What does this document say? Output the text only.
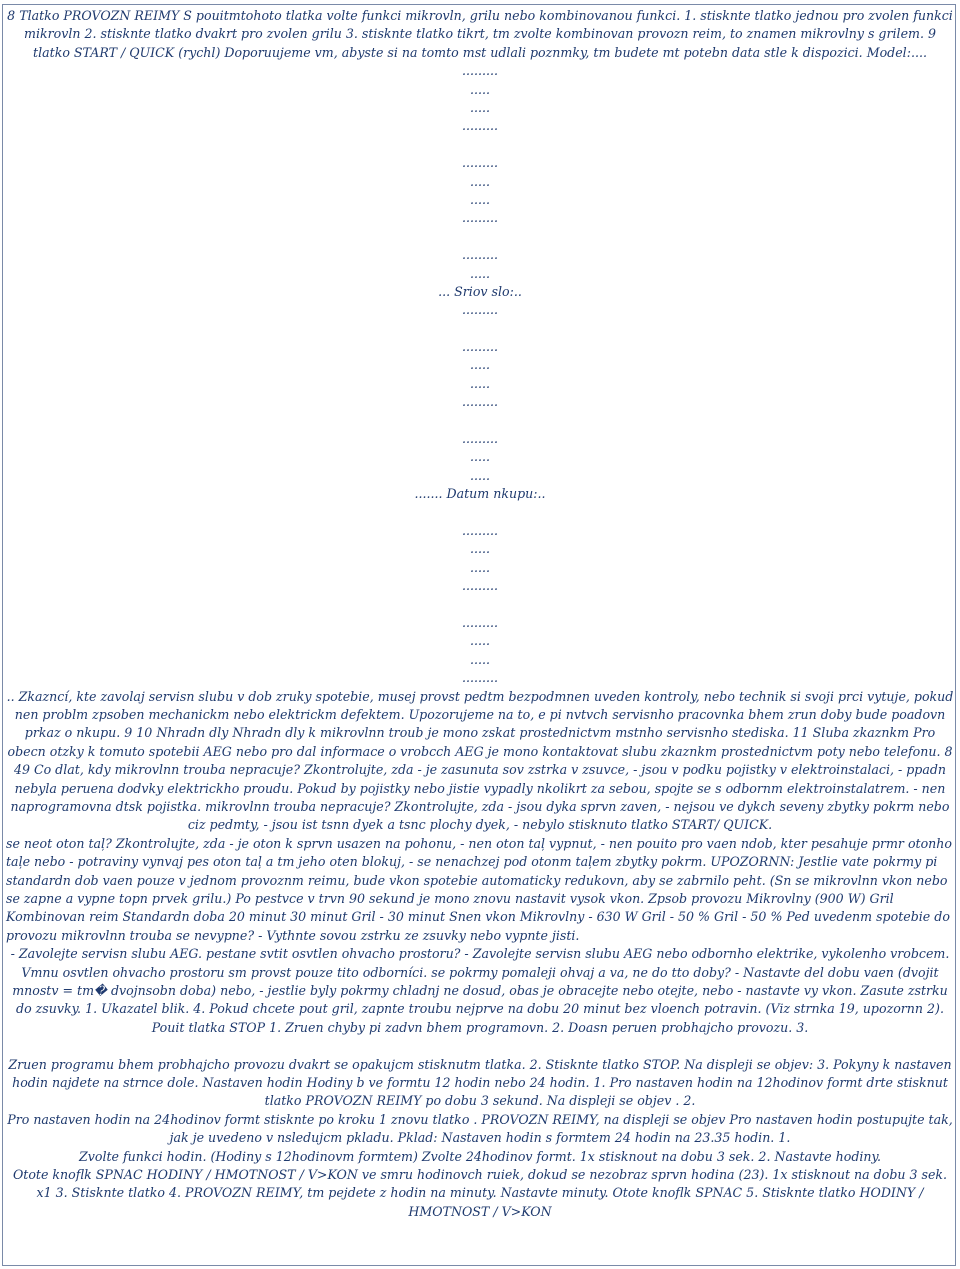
8 Tlatko PROVOZN REIMY S pouitmtohoto tlatka volte funkci mikrovln, grilu nebo kombinovanou funkci. 1. stisknte tlatko jednou pro zvolen funkci mikrovln 2. stisknte tlatko dvakrt pro zvolen grilu 3. stisknte tlatko tikrt, tm zvolte kombinovan provozn reim, to znamen mikrovlny s grilem. 9 tlatko START / QUICK (rychl) Doporuujeme vm, abyste si na tomto mst udlali poznmky, tm budete mt potebn data stle k dispozici. Model:....

.........
.....
.....
.........
.........
.....
.....
.........
.........
.....

... Sriov slo:..

.........
.........
.....
.....
.........
.........
.....
.....

....... Datum nkupu:..

.........
.....
.....
.........
.........
.....
.....
.........

.. Zkazncí, kte zavolaj servisn slubu v dob zruky spotebie, musej provst pedtm bezpodmnen uveden kontroly, nebo technik si svoji prci vytuje, pokud nen problm zpsoben mechanickm nebo elektrickm defektem. Upozorujeme na to, e pi nvtvch servisnho pracovnka bhem zrun doby bude poadovn prkaz o nkupu. 9 10 Nhradn dly Nhradn dly k mikrovlnn troub je mono zskat prostednictvm mstnho servisnho stediska. 11 Sluba zkaznkm Pro obecn otzky k tomuto spotebii AEG nebo pro dal informace o vrobcch AEG je mono kontaktovat slubu zkaznkm prostednictvm poty nebo telefonu. 8 49 Co dlat, kdy mikrovlnn trouba nepracuje? Zkontrolujte, zda - je zasunuta sov zstrka v zsuvce, - jsou v podku pojistky v elektroinstalaci, - ppadn nebyla peruena dodvky elektrickho proudu. Pokud by pojistky nebo jistie vypadly nkolikrt za sebou, spojte se s odbornm elektroinstalatrem. - nen naprogramovna dtsk pojistka. mikrovlnn trouba nepracuje? Zkontrolujte, zda - jsou dyka sprvn zaven, - nejsou ve dykch seveny zbytky pokrm nebo ciz pedmty, - jsou ist tsnn dyek a tsnc plochy dyek, - nebylo stisknuto tlatko START/ QUICK.

se neot oton taļ? Zkontrolujte, zda - je oton k sprvn usazen na pohonu, - nen oton taļ vypnut, - nen pouito pro vaen ndob, kter pesahuje prmr otonho taļe nebo - potraviny vynvaj pes oton taļ a tm jeho oten blokuj, - se nenachzej pod otonm taļem zbytky pokrm. UPOZORNN: Jestlie vate pokrmy pi standardn dob vaen pouze v jednom provoznm reimu, bude vkon spotebie automaticky redukovn, aby se zabrnilo peht. (Sn se mikrovlnn vkon nebo se zapne a vypne topn prvek grilu.) Po pestvce v trvn 90 sekund je mono znovu nastavit vysok vkon. Zpsob provozu Mikrovlny (900 W) Gril Kombinovan reim Standardn doba 20 minut 30 minut Gril - 30 minut Snen vkon Mikrovlny - 630 W Gril - 50 % Gril - 50 % Ped uvedenm spotebie do provozu mikrovlnn trouba se nevypne? - Vythnte sovou zstrku ze zsuvky nebo vypnte jisti.

- Zavolejte servisn slubu AEG. pestane svtit osvtlen ohvacho prostoru? - Zavolejte servisn slubu AEG nebo odbornho elektrike, vykolenho vrobcem. Vmnu osvtlen ohvacho prostoru sm provst pouze tito odborníci. se pokrmy pomaleji ohvaj a va, ne do tto doby? - Nastavte del dobu vaen (dvojit mnostv = tm� dvojnsobn doba) nebo, - jestlie byly pokrmy chladnj ne dosud, obas je obracejte nebo otejte, nebo - nastavte vy vkon. Zasute zstrku do zsuvky. 1. Ukazatel blik. 4. Pokud chcete pout gril, zapnte troubu nejprve na dobu 20 minut bez vloench potravin. (Viz strnka 19, upozornn 2). Pouit tlatka STOP 1. Zruen chyby pi zadvn bhem programovn. 2. Doasn peruen probhajcho provozu. 3.

Zruen programu bhem probhajcho provozu dvakrt se opakujcm stisknutm tlatka. 2. Stisknte tlatko STOP. Na displeji se objev: 3. Pokyny k nastaven hodin najdete na strnce dole. Nastaven hodin Hodiny b ve formtu 12 hodin nebo 24 hodin. 1. Pro nastaven hodin na 12hodinov formt drte stisknut tlatko PROVOZN REIMY po dobu 3 sekund. Na displeji se objev . 2.

Pro nastaven hodin na 24hodinov formt stisknte po kroku 1 znovu tlatko . PROVOZN REIMY, na displeji se objev Pro nastaven hodin postupujte tak, jak je uvedeno v nsledujcm pkladu. Pklad: Nastaven hodin s formtem 24 hodin na 23.35 hodin. 1.

Zvolte funkci hodin. (Hodiny s 12hodinovm formtem) Zvolte 24hodinov formt. 1x stisknout na dobu 3 sek. 2. Nastavte hodiny.

Otote knoflk SPNAC HODINY / HMOTNOST / V>KON ve smru hodinovch ruiek, dokud se nezobraz sprvn hodina (23). 1x stisknout na dobu 3 sek. x1 3. Stisknte tlatko 4. PROVOZN REIMY, tm pejdete z hodin na minuty. Nastavte minuty. Otote knoflk SPNAC 5. Stisknte tlatko HODINY / HMOTNOST / V>KON
